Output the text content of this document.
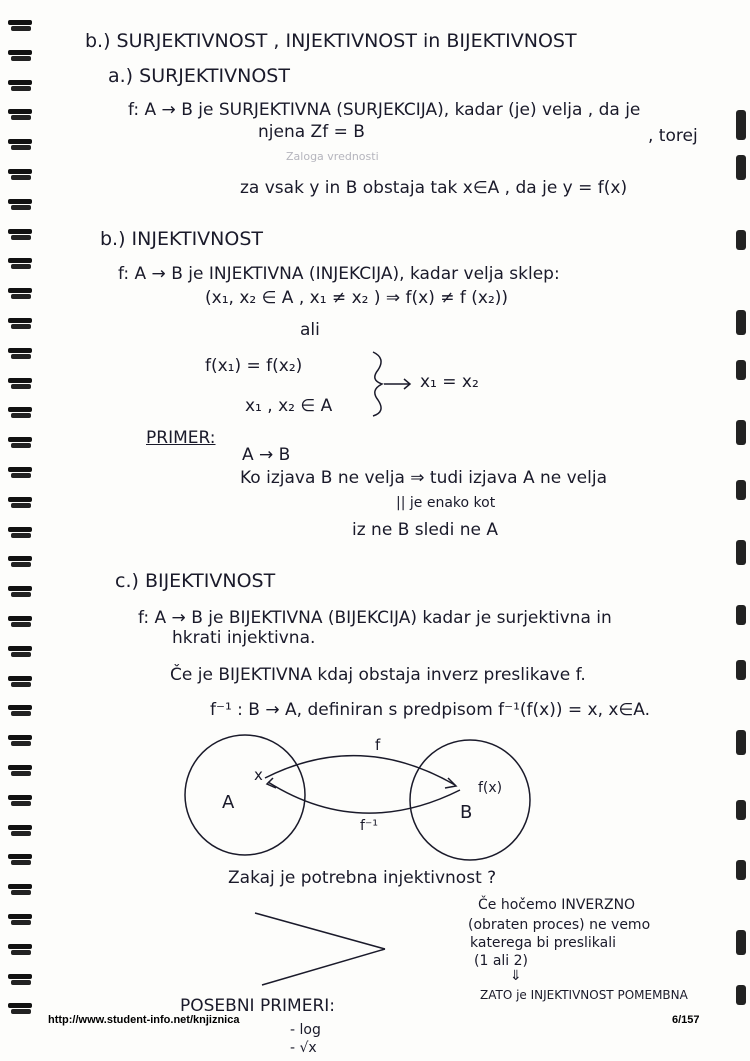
b.) SURJEKTIVNOST , INJEKTIVNOST in BIJEKTIVNOST
a.) SURJEKTIVNOST
f: A → B je SURJEKTIVNA (SURJEKCIJA), kadar (je) velja , da je
njena Zf = B	, torej
Zaloga vrednosti
za vsak y in B obstaja tak x∈A , da je y = f(x)
b.) INJEKTIVNOST
f: A → B je INJEKTIVNA (INJEKCIJA), kadar velja sklep:
(x₁, x₂ ∈ A , x₁ ≠ x₂ ) ⇒ f(x) ≠ f (x₂))
ali
f(x₁) = f(x₂)
x₁ , x₂ ∈ A
x₁ = x₂
PRIMER:
A → B
Ko izjava B ne velja ⇒ tudi izjava A ne velja
|| je enako kot
iz ne B sledi ne A
c.) BIJEKTIVNOST
f: A → B je BIJEKTIVNA (BIJEKCIJA) kadar je surjektivna in
hkrati injektivna.
Če je BIJEKTIVNA kdaj obstaja inverz preslikave f.
f⁻¹ : B → A, definiran s predpisom f⁻¹(f(x)) = x, x∈A.
f
f⁻¹
A	B
x
f(x)
Zakaj je potrebna injektivnost ?
Če hočemo INVERZNO
(obraten proces) ne vemo
katerega bi preslikali
(1 ali 2)
⇓
ZATO je INJEKTIVNOST POMEMBNA
POSEBNI PRIMERI:
- log
- √x
http://www.student-info.net/knjiznica	6/157
